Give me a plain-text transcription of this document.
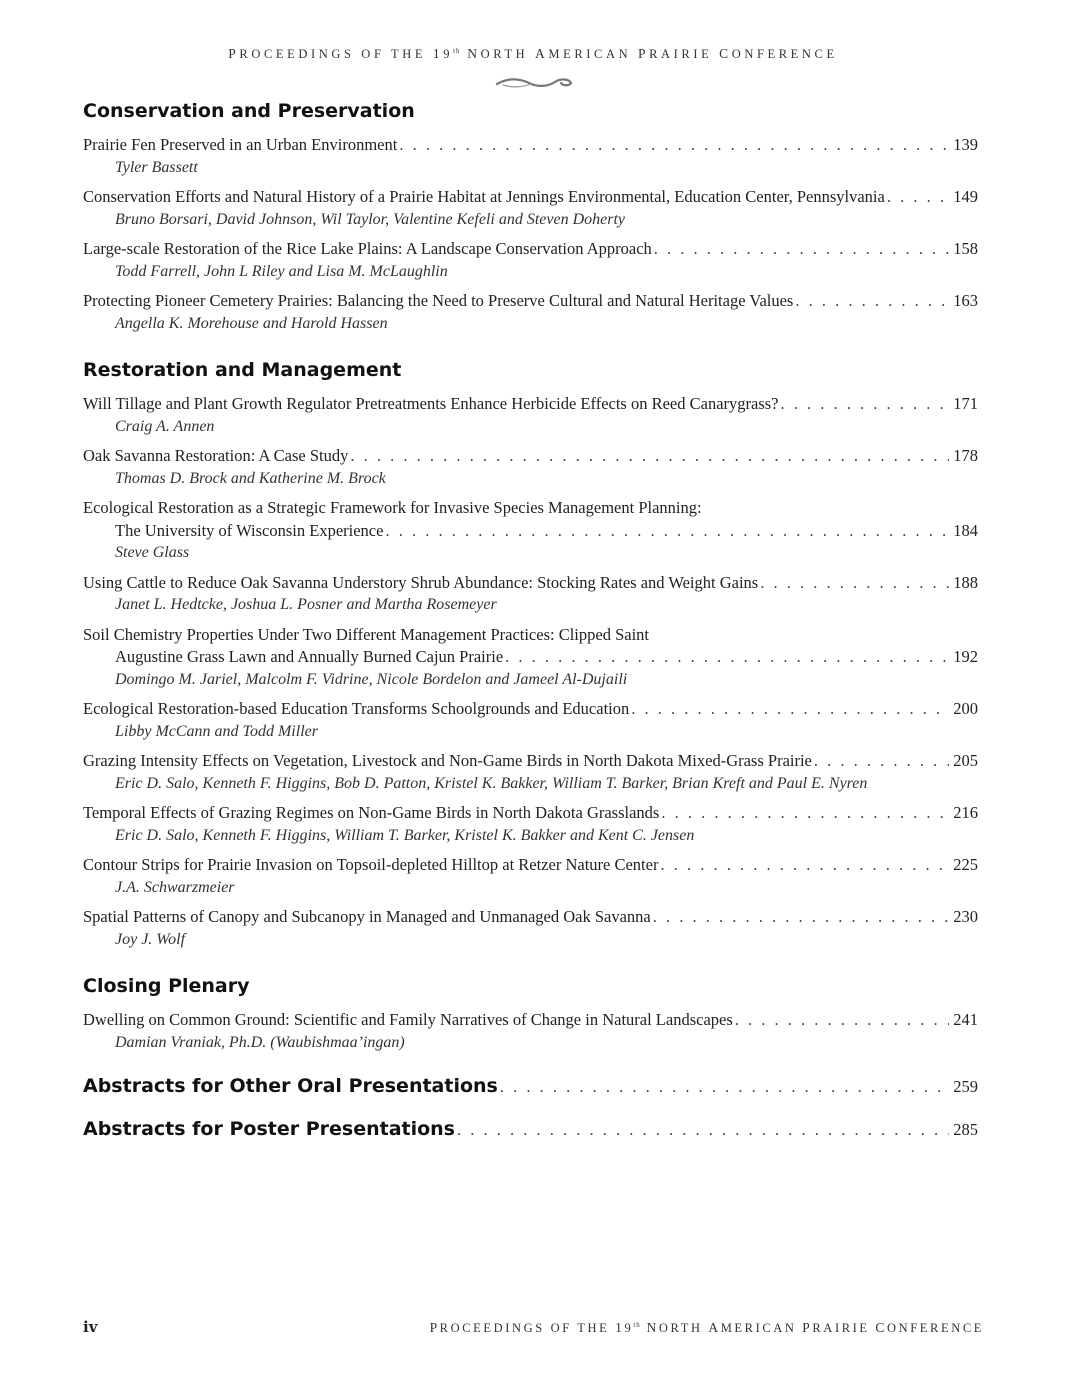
PROCEEDINGS OF THE 19th NORTH AMERICAN PRAIRIE CONFERENCE
Conservation and Preservation
Prairie Fen Preserved in an Urban Environment . . .	139
Tyler Bassett
Conservation Efforts and Natural History of a Prairie Habitat at Jennings Environmental, Education Center, Pennsylvania . . .	149
Bruno Borsari, David Johnson, Wil Taylor, Valentine Kefeli and Steven Doherty
Large-scale Restoration of the Rice Lake Plains: A Landscape Conservation Approach . . .	158
Todd Farrell, John L Riley and Lisa M. McLaughlin
Protecting Pioneer Cemetery Prairies: Balancing the Need to Preserve Cultural and Natural Heritage Values . . .	163
Angella K. Morehouse and Harold Hassen
Restoration and Management
Will Tillage and Plant Growth Regulator Pretreatments Enhance Herbicide Effects on Reed Canarygrass? . . .	171
Craig A. Annen
Oak Savanna Restoration: A Case Study . . .	178
Thomas D. Brock and Katherine M. Brock
Ecological Restoration as a Strategic Framework for Invasive Species Management Planning:
The University of Wisconsin Experience . . .	184
Steve Glass
Using Cattle to Reduce Oak Savanna Understory Shrub Abundance: Stocking Rates and Weight Gains . . .	188
Janet L. Hedtcke, Joshua L. Posner and Martha Rosemeyer
Soil Chemistry Properties Under Two Different Management Practices: Clipped Saint
Augustine Grass Lawn and Annually Burned Cajun Prairie . . .	192
Domingo M. Jariel, Malcolm F. Vidrine, Nicole Bordelon and Jameel Al-Dujaili
Ecological Restoration-based Education Transforms Schoolgrounds and Education . . .	200
Libby McCann and Todd Miller
Grazing Intensity Effects on Vegetation, Livestock and Non-Game Birds in North Dakota Mixed-Grass Prairie . . .	205
Eric D. Salo, Kenneth F. Higgins, Bob D. Patton, Kristel K. Bakker, William T. Barker, Brian Kreft and Paul E. Nyren
Temporal Effects of Grazing Regimes on Non-Game Birds in North Dakota Grasslands . . .	216
Eric D. Salo, Kenneth F. Higgins, William T. Barker, Kristel K. Bakker and Kent C. Jensen
Contour Strips for Prairie Invasion on Topsoil-depleted Hilltop at Retzer Nature Center . . .	225
J.A. Schwarzmeier
Spatial Patterns of Canopy and Subcanopy in Managed and Unmanaged Oak Savanna . . .	230
Joy J. Wolf
Closing Plenary
Dwelling on Common Ground: Scientific and Family Narratives of Change in Natural Landscapes . . .	241
Damian Vraniak, Ph.D. (Waubishmaa’ingan)
Abstracts for Other Oral Presentations . . .	259
Abstracts for Poster Presentations . . .	285
iv	PROCEEDINGS OF THE 19th NORTH AMERICAN PRAIRIE CONFERENCE
